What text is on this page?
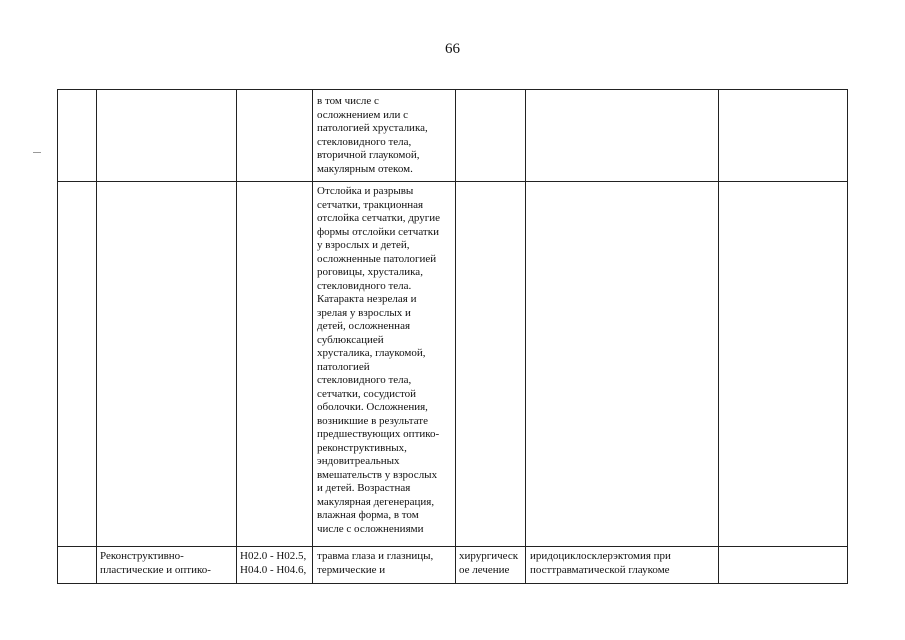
66
в том числе с
осложнением или с
патологией хрусталика,
стекловидного тела,
вторичной глаукомой,
макулярным отеком.
Отслойка и разрывы
сетчатки, тракционная
отслойка сетчатки, другие
формы отслойки сетчатки
у взрослых и детей,
осложненные патологией
роговицы, хрусталика,
стекловидного тела.
Катаракта незрелая и
зрелая у взрослых и
детей, осложненная
сублюксацией
хрусталика, глаукомой,
патологией
стекловидного тела,
сетчатки, сосудистой
оболочки. Осложнения,
возникшие в результате
предшествующих оптико-
реконструктивных,
эндовитреальных
вмешательств у взрослых
и детей. Возрастная
макулярная дегенерация,
влажная форма, в том
числе с осложнениями
Реконструктивно-
пластические и оптико-
H02.0 - H02.5,
H04.0 - H04.6,
травма глаза и глазницы,
термические и
хирургическ
ое лечение
иридоциклосклерэктомия при
посттравматической глаукоме
